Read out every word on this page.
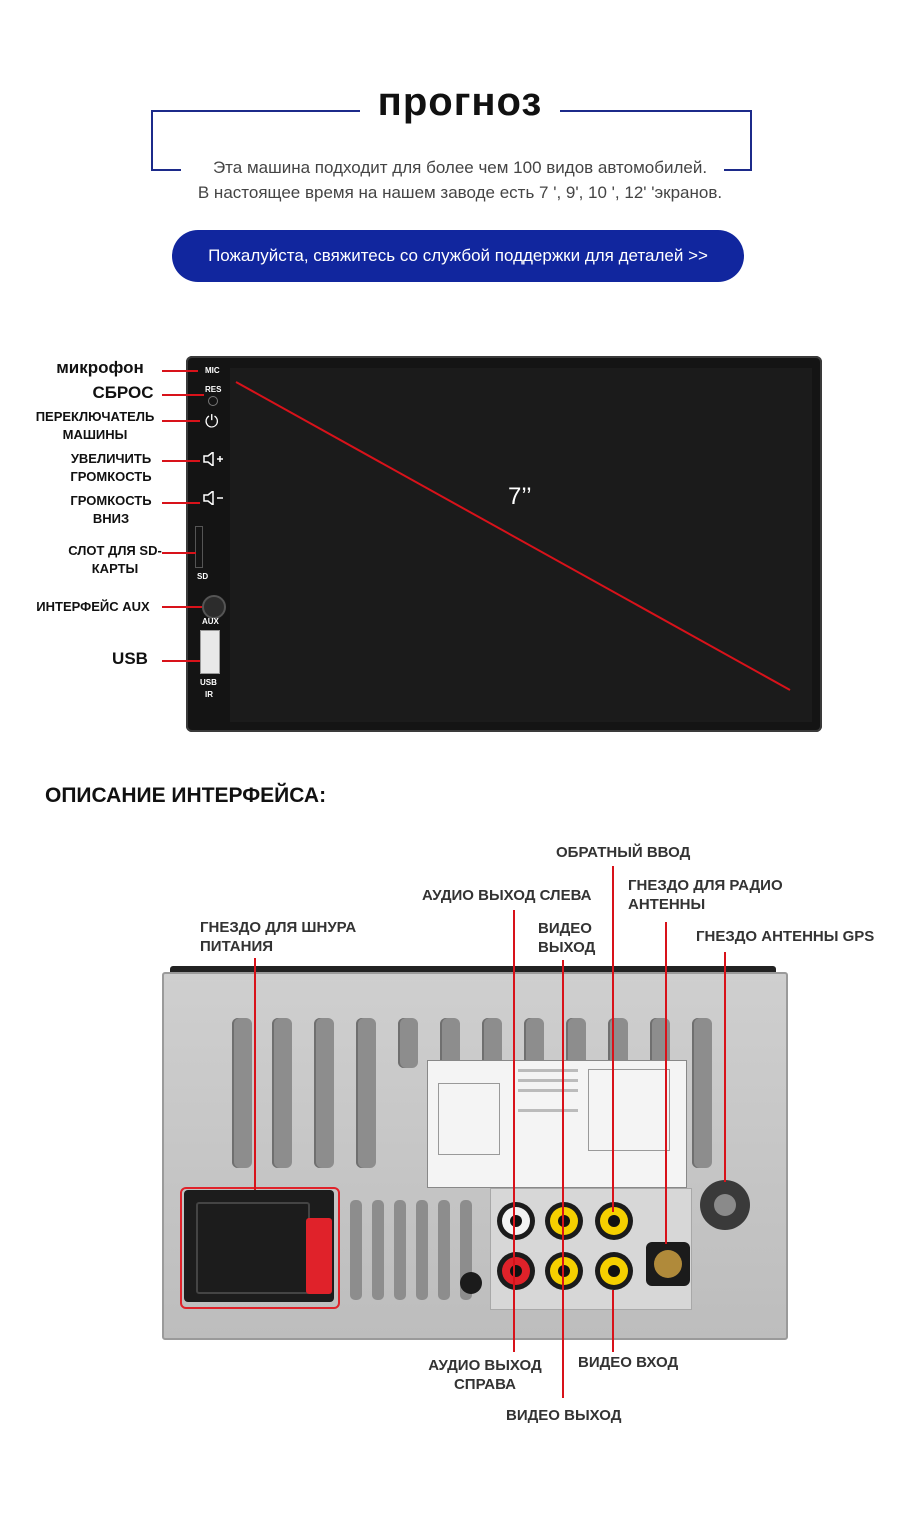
прогноз
Эта машина подходит для более чем 100 видов автомобилей.
В настоящее время на нашем заводе есть 7 ', 9', 10 ', 12' 'экранов.
Пожалуйста, свяжитесь со службой поддержки для деталей >>
7’’
MIC
RES
⏻
SD
AUX
USB
IR
микрофон
СБРОС
ПЕРЕКЛЮЧАТЕЛЬ МАШИНЫ
УВЕЛИЧИТЬ ГРОМКОСТЬ
ГРОМКОСТЬ ВНИЗ
СЛОТ ДЛЯ SD-КАРТЫ
ИНТЕРФЕЙС AUX
USB
ОПИСАНИЕ ИНТЕРФЕЙСА:
ОБРАТНЫЙ ВВОД
ГНЕЗДО ДЛЯ РАДИО АНТЕННЫ
АУДИО ВЫХОД СЛЕВА
ВИДЕО ВЫХОД
ГНЕЗДО ДЛЯ ШНУРА ПИТАНИЯ
ГНЕЗДО АНТЕННЫ GPS
АУДИО ВЫХОД СПРАВА
ВИДЕО ВХОД
ВИДЕО ВЫХОД
